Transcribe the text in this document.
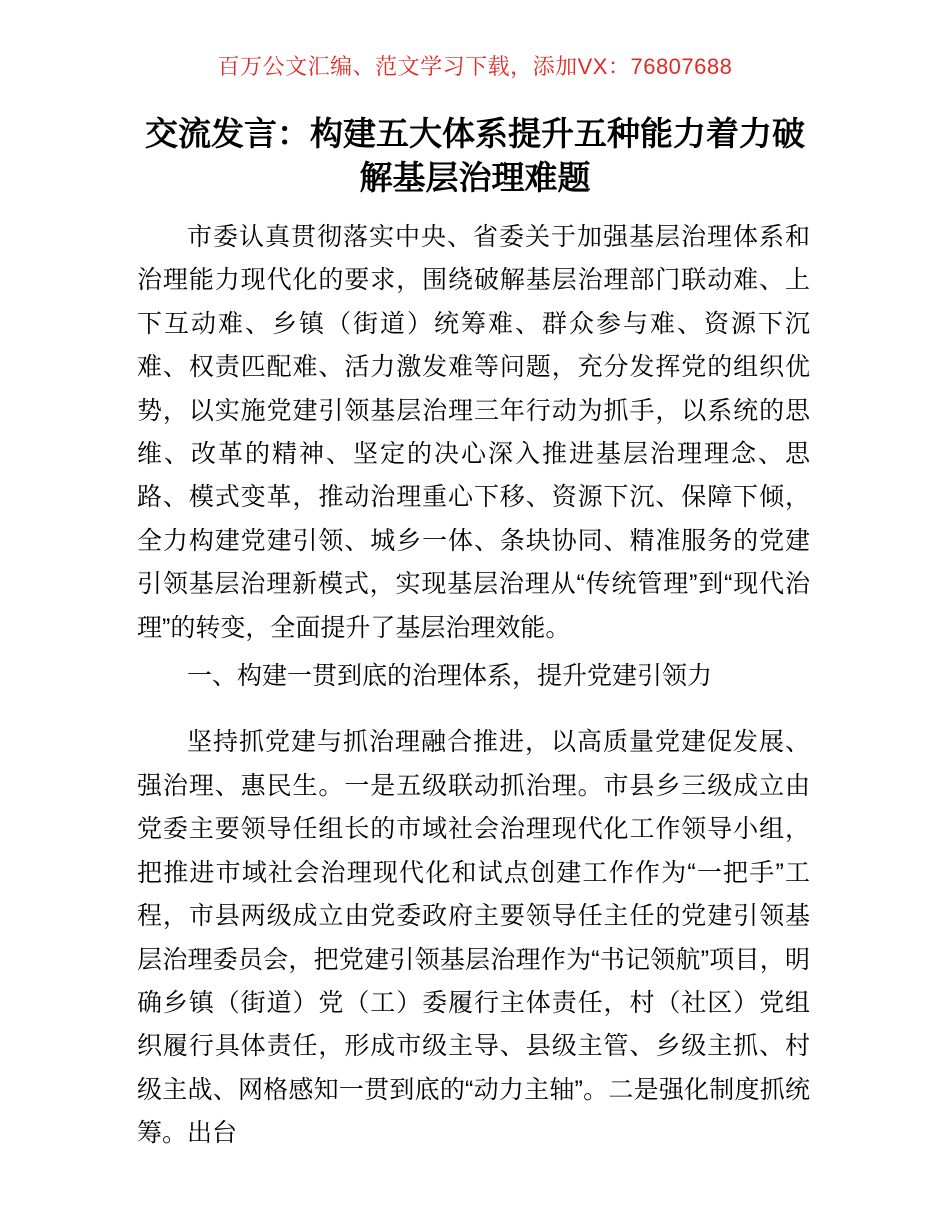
百万公文汇编、范文学习下载，添加VX：76807688
交流发言：构建五大体系提升五种能力着力破解基层治理难题

市委认真贯彻落实中央、省委关于加强基层治理体系和治理能力现代化的要求，围绕破解基层治理部门联动难、上下互动难、乡镇（街道）统筹难、群众参与难、资源下沉难、权责匹配难、活力激发难等问题，充分发挥党的组织优势，以实施党建引领基层治理三年行动为抓手，以系统的思维、改革的精神、坚定的决心深入推进基层治理理念、思路、模式变革，推动治理重心下移、资源下沉、保障下倾，全力构建党建引领、城乡一体、条块协同、精准服务的党建引领基层治理新模式，实现基层治理从“传统管理”到“现代治理”的转变，全面提升了基层治理效能。

一、构建一贯到底的治理体系，提升党建引领力

坚持抓党建与抓治理融合推进，以高质量党建促发展、强治理、惠民生。一是五级联动抓治理。市县乡三级成立由党委主要领导任组长的市域社会治理现代化工作领导小组，把推进市域社会治理现代化和试点创建工作作为“一把手”工程，市县两级成立由党委政府主要领导任主任的党建引领基层治理委员会，把党建引领基层治理作为“书记领航”项目，明确乡镇（街道）党（工）委履行主体责任，村（社区）党组织履行具体责任，形成市级主导、县级主管、乡级主抓、村级主战、网格感知一贯到底的“动力主轴”。二是强化制度抓统筹。出台
